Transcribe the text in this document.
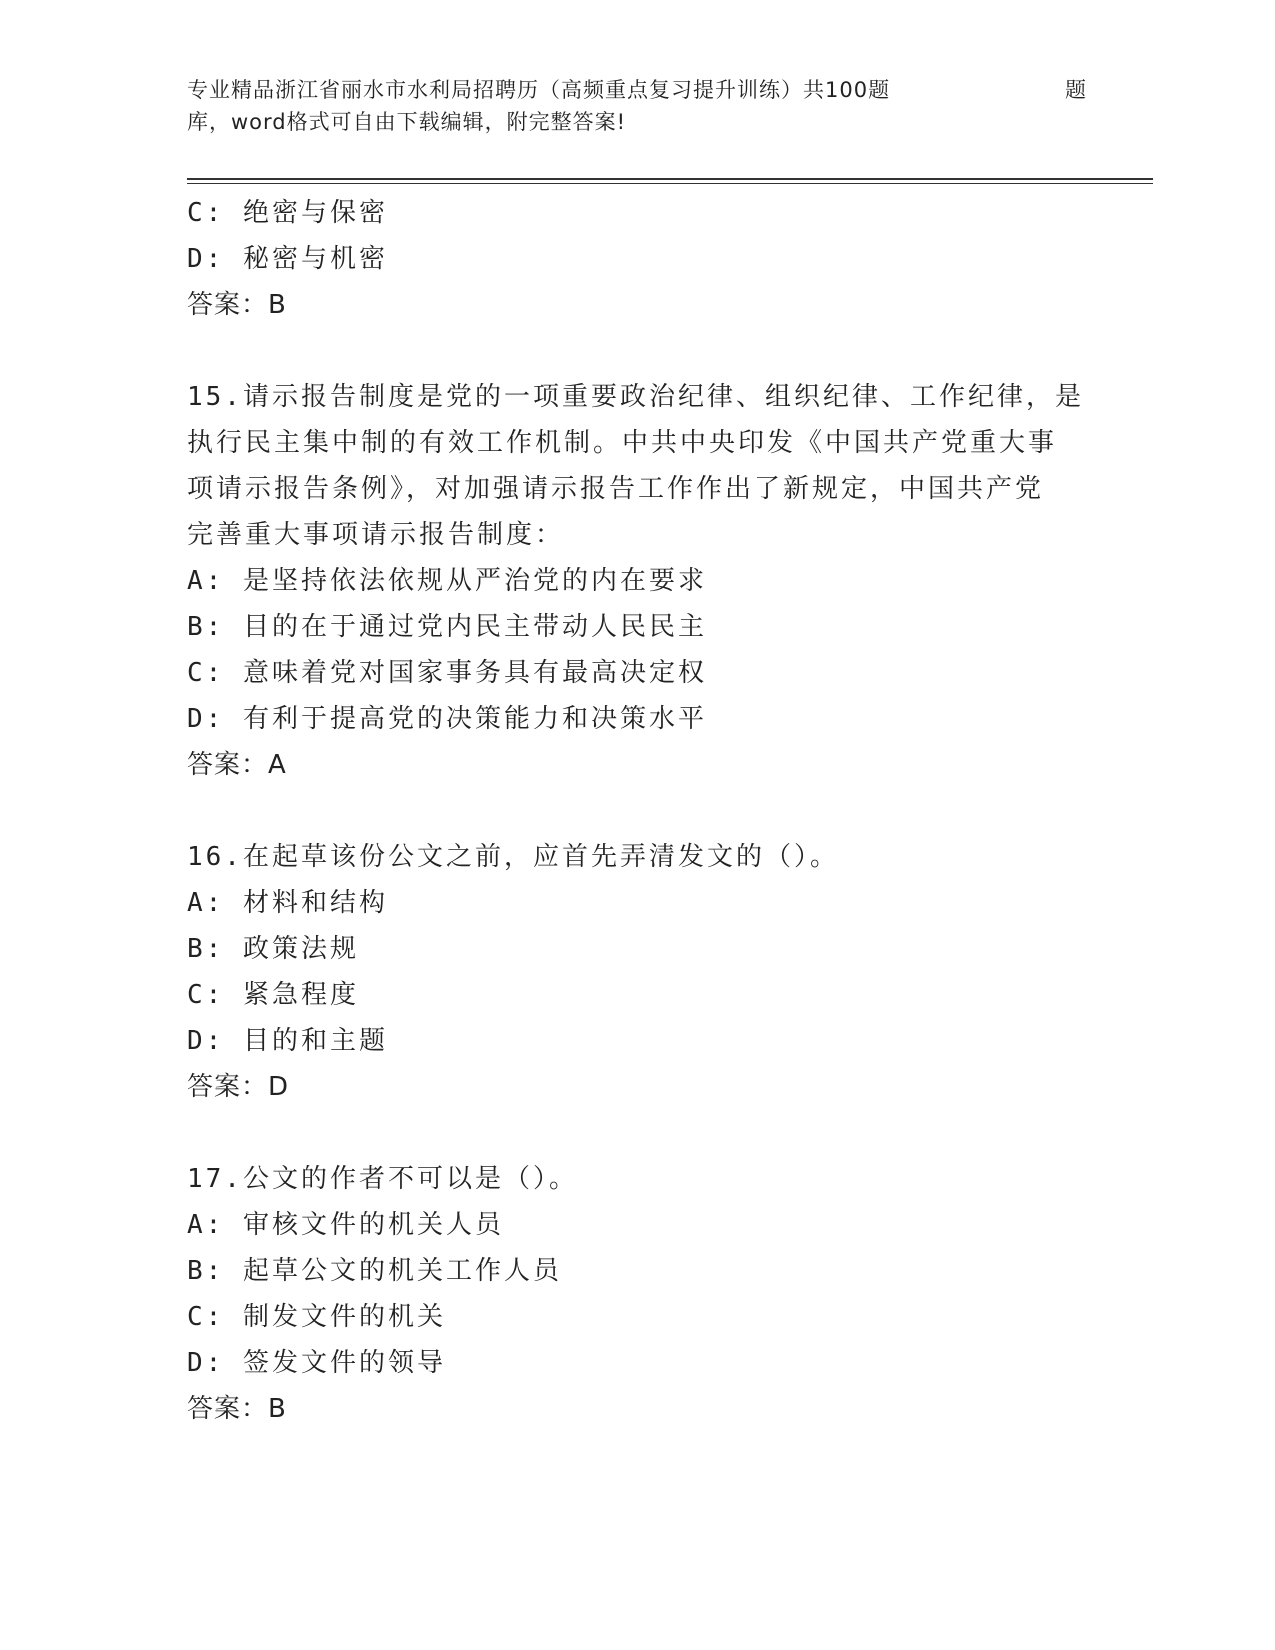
专业精品浙江省丽水市水利局招聘历（高频重点复习提升训练）共100题	题
库，word格式可自由下载编辑，附完整答案!
C: 绝密与保密
D: 秘密与机密
答案：B
15.请示报告制度是党的一项重要政治纪律、组织纪律、工作纪律，是
执行民主集中制的有效工作机制。中共中央印发《中国共产党重大事
项请示报告条例》，对加强请示报告工作作出了新规定，中国共产党
完善重大事项请示报告制度：
A: 是坚持依法依规从严治党的内在要求
B: 目的在于通过党内民主带动人民民主
C: 意味着党对国家事务具有最高决定权
D: 有利于提高党的决策能力和决策水平
答案：A
16.在起草该份公文之前，应首先弄清发文的（）。
A: 材料和结构
B: 政策法规
C: 紧急程度
D: 目的和主题
答案：D
17.公文的作者不可以是（）。
A: 审核文件的机关人员
B: 起草公文的机关工作人员
C: 制发文件的机关
D: 签发文件的领导
答案：B
